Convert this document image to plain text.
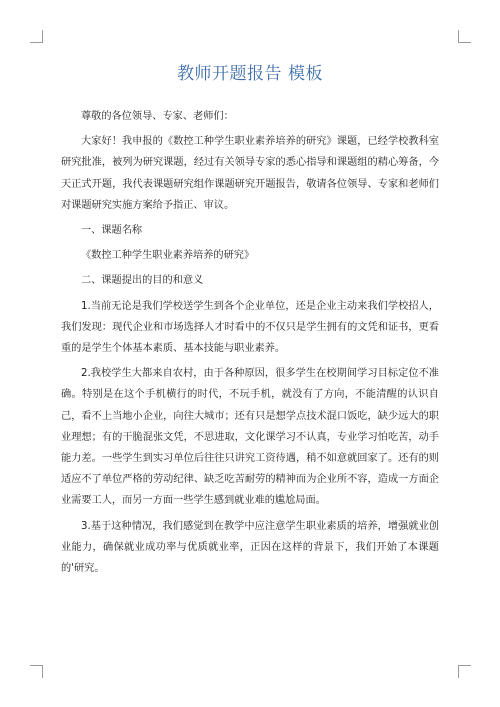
教师开题报告 模板

尊敬的各位领导、专家、老师们：

大家好！我申报的《数控工种学生职业素养培养的研究》课题，已经学校教科室研究批准，被列为研究课题，经过有关领导专家的悉心指导和课题组的精心筹备，今天正式开题，我代表课题研究组作课题研究开题报告，敬请各位领导、专家和老师们对课题研究实施方案给予指正、审议。

一、课题名称

《数控工种学生职业素养培养的研究》

二、课题提出的目的和意义

1.当前无论是我们学校送学生到各个企业单位，还是企业主动来我们学校招人，我们发现：现代企业和市场选择人才时看中的不仅只是学生拥有的文凭和证书，更看重的是学生个体基本素质、基本技能与职业素养。

2.我校学生大都来自农村，由于各种原因，很多学生在校期间学习目标定位不准确。特别是在这个手机横行的时代，不玩手机，就没有了方向，不能清醒的认识自己，看不上当地小企业，向往大城市；还有只是想学点技术混口饭吃，缺少远大的职业理想；有的干脆混张文凭，不思进取，文化课学习不认真，专业学习怕吃苦，动手能力差。一些学生到实习单位后往往只讲究工资待遇，稍不如意就回家了。还有的则适应不了单位严格的劳动纪律、缺乏吃苦耐劳的精神而为企业所不容，造成一方面企业需要工人，而另一方面一些学生感到就业难的尴尬局面。

3.基于这种情况，我们感觉到在教学中应注意学生职业素质的培养，增强就业创业能力，确保就业成功率与优质就业率，正因在这样的背景下，我们开始了本课题的'研究。
